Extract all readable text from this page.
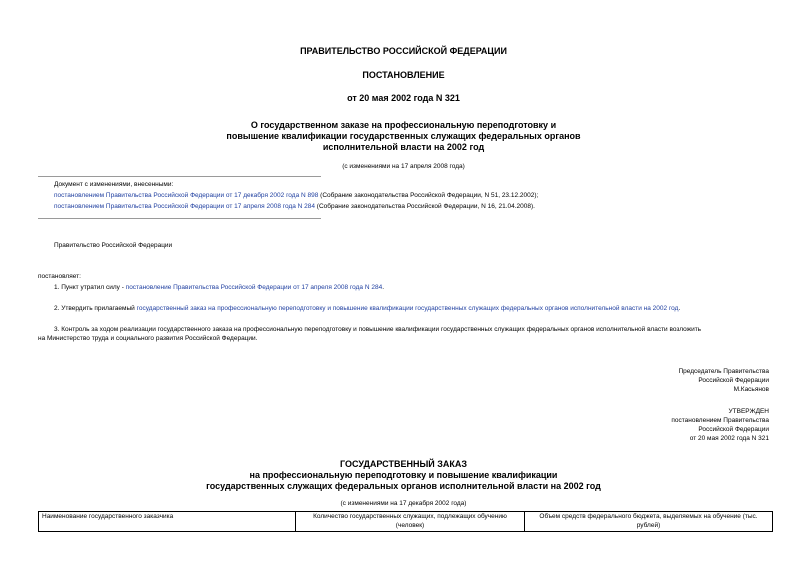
ПРАВИТЕЛЬСТВО РОССИЙСКОЙ ФЕДЕРАЦИИ
ПОСТАНОВЛЕНИЕ
от 20 мая 2002 года N 321
О государственном заказе на профессиональную переподготовку и
повышение квалификации государственных служащих федеральных органов
исполнительной власти на 2002 год
(с изменениями на 17 апреля 2008 года)
Документ с изменениями, внесенными:
постановлением Правительства Российской Федерации от 17 декабря 2002 года N 898 (Собрание законодательства Российской Федерации, N 51, 23.12.2002);
постановлением Правительства Российской Федерации от 17 апреля 2008 года N 284 (Собрание законодательства Российской Федерации, N 16, 21.04.2008).
Правительство Российской Федерации
постановляет:
1. Пункт утратил силу - постановление Правительства Российской Федерации от 17 апреля 2008 года N 284.
2. Утвердить прилагаемый государственный заказ на профессиональную переподготовку и повышение квалификации государственных служащих федеральных органов исполнительной власти на 2002 год.
3. Контроль за ходом реализации государственного заказа на профессиональную переподготовку и повышение квалификации государственных служащих федеральных органов исполнительной власти возложить
на Министерство труда и социального развития Российской Федерации.
Председатель Правительства
Российской Федерации
М.Касьянов
УТВЕРЖДЕН
постановлением Правительства
Российской Федерации
от 20 мая 2002 года N 321
ГОСУДАРСТВЕННЫЙ ЗАКАЗ
на профессиональную переподготовку и повышение квалификации
государственных служащих федеральных органов исполнительной власти на 2002 год
(с изменениями на 17 декабря 2002 года)
Наименование государственного заказчика	Количество государственных служащих, подлежащих обучению (человек)	Объем средств федерального бюджета, выделяемых на обучение (тыс. рублей)
